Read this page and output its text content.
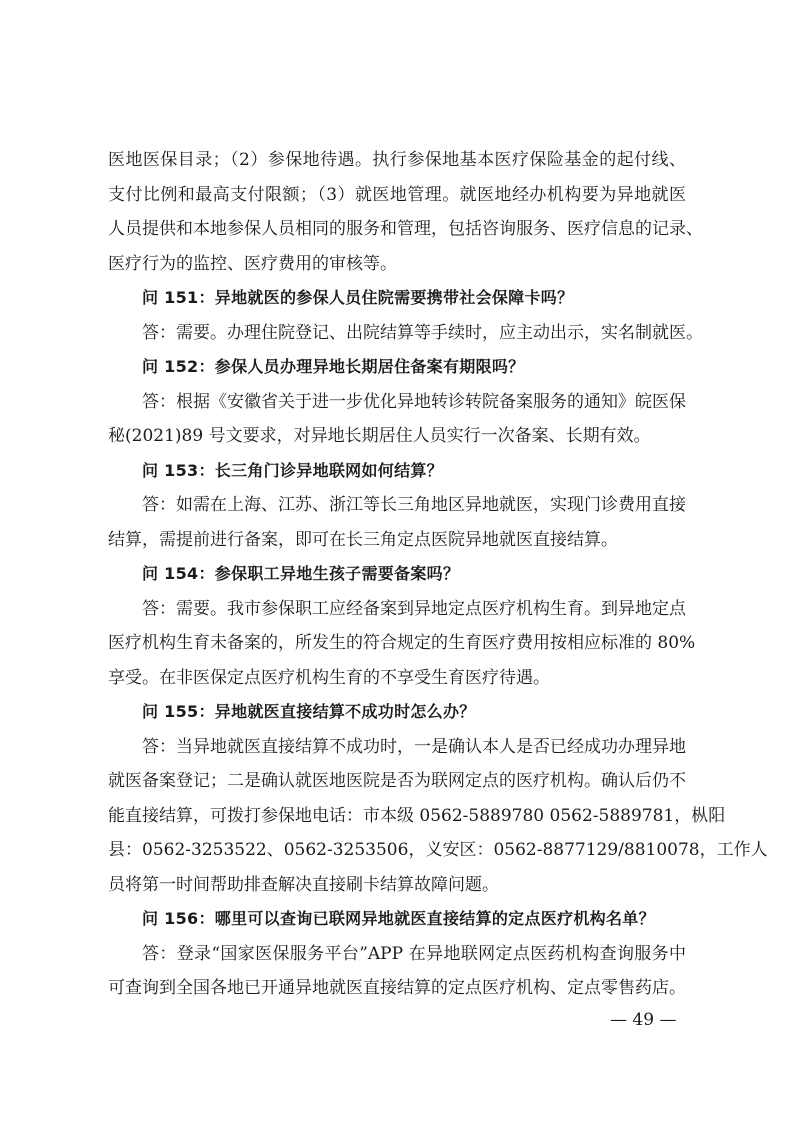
医地医保目录；（2）参保地待遇。执行参保地基本医疗保险基金的起付线、
支付比例和最高支付限额；（3）就医地管理。就医地经办机构要为异地就医
人员提供和本地参保人员相同的服务和管理，包括咨询服务、医疗信息的记录、
医疗行为的监控、医疗费用的审核等。
问 151：异地就医的参保人员住院需要携带社会保障卡吗？
答：需要。办理住院登记、出院结算等手续时，应主动出示，实名制就医。
问 152：参保人员办理异地长期居住备案有期限吗？
答：根据《安徽省关于进一步优化异地转诊转院备案服务的通知》皖医保
秘(2021)89 号文要求，对异地长期居住人员实行一次备案、长期有效。
问 153：长三角门诊异地联网如何结算？
答：如需在上海、江苏、浙江等长三角地区异地就医，实现门诊费用直接
结算，需提前进行备案，即可在长三角定点医院异地就医直接结算。
问 154：参保职工异地生孩子需要备案吗？
答：需要。我市参保职工应经备案到异地定点医疗机构生育。到异地定点
医疗机构生育未备案的，所发生的符合规定的生育医疗费用按相应标准的 80%
享受。在非医保定点医疗机构生育的不享受生育医疗待遇。
问 155：异地就医直接结算不成功时怎么办？
答：当异地就医直接结算不成功时，一是确认本人是否已经成功办理异地
就医备案登记；二是确认就医地医院是否为联网定点的医疗机构。确认后仍不
能直接结算，可拨打参保地电话：市本级 0562-5889780 0562-5889781，枞阳
县：0562-3253522、0562-3253506，义安区：0562-8877129/8810078，工作人
员将第一时间帮助排查解决直接刷卡结算故障问题。
问 156：哪里可以查询已联网异地就医直接结算的定点医疗机构名单？
答：登录“国家医保服务平台”APP 在异地联网定点医药机构查询服务中
可查询到全国各地已开通异地就医直接结算的定点医疗机构、定点零售药店。
— 49 —
